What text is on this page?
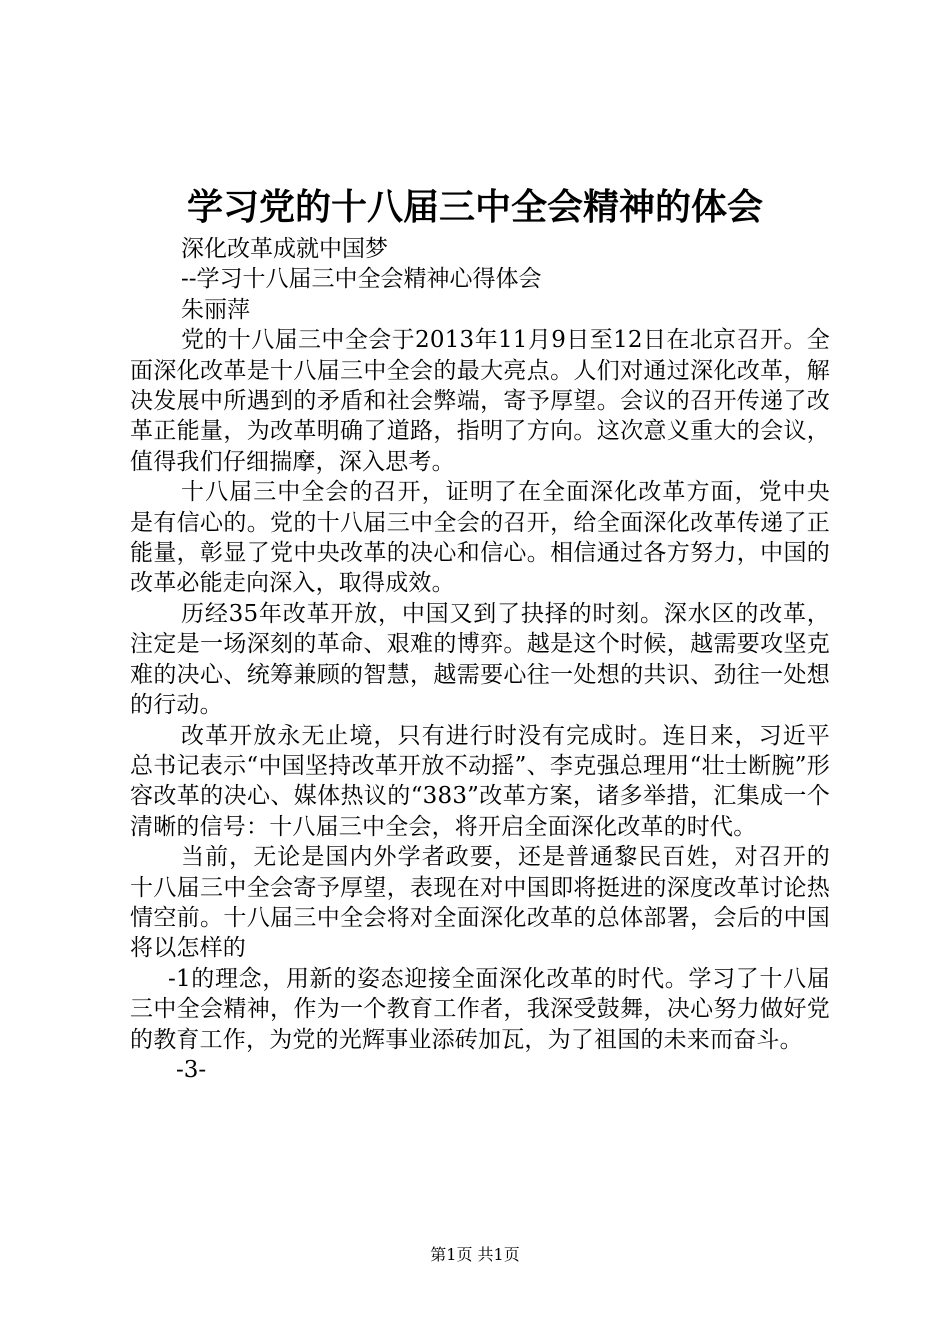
学习党的十八届三中全会精神的体会
深化改革成就中国梦
--学习十八届三中全会精神心得体会
朱丽萍

党的十八届三中全会于2013年11月9日至12日在北京召开。全面深化改革是十八届三中全会的最大亮点。人们对通过深化改革，解决发展中所遇到的矛盾和社会弊端，寄予厚望。会议的召开传递了改革正能量，为改革明确了道路，指明了方向。这次意义重大的会议，值得我们仔细揣摩，深入思考。

十八届三中全会的召开，证明了在全面深化改革方面，党中央是有信心的。党的十八届三中全会的召开，给全面深化改革传递了正能量，彰显了党中央改革的决心和信心。相信通过各方努力，中国的改革必能走向深入，取得成效。

历经35年改革开放，中国又到了抉择的时刻。深水区的改革，注定是一场深刻的革命、艰难的博弈。越是这个时候，越需要攻坚克难的决心、统筹兼顾的智慧，越需要心往一处想的共识、劲往一处想的行动。

改革开放永无止境，只有进行时没有完成时。连日来，习近平总书记表示“中国坚持改革开放不动摇”、李克强总理用“壮士断腕”形容改革的决心、媒体热议的“383”改革方案，诸多举措，汇集成一个清晰的信号：十八届三中全会，将开启全面深化改革的时代。

当前，无论是国内外学者政要，还是普通黎民百姓，对召开的十八届三中全会寄予厚望，表现在对中国即将挺进的深度改革讨论热情空前。十八届三中全会将对全面深化改革的总体部署，会后的中国将以怎样的

-1的理念，用新的姿态迎接全面深化改革的时代。学习了十八届三中全会精神，作为一个教育工作者，我深受鼓舞，决心努力做好党的教育工作，为党的光辉事业添砖加瓦，为了祖国的未来而奋斗。

-3-
第1页 共1页
